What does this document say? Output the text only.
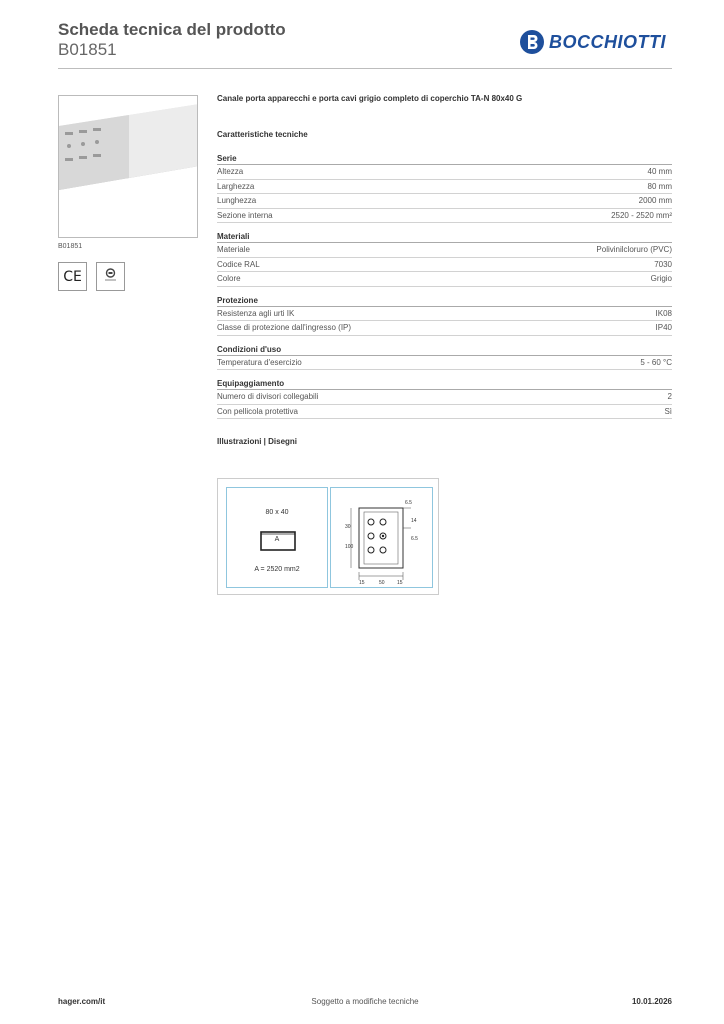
Scheda tecnica del prodotto
B01851	BOCCHIOTTI
B01851
CE
Canale porta apparecchi e porta cavi grigio completo di coperchio TA-N 80x40 G
Caratteristiche tecniche
Serie
Altezza	40 mm
Larghezza	80 mm
Lunghezza	2000 mm
Sezione interna	2520 - 2520 mm²
Materiali
Materiale	Polivinilcloruro (PVC)
Codice RAL	7030
Colore	Grigio
Protezione
Resistenza agli urti IK	IK08
Classe di protezione dall'ingresso (IP)	IP40
Condizioni d'uso
Temperatura d'esercizio	5 - 60 °C
Equipaggiamento
Numero di divisori collegabili	2
Con pellicola protettiva	Sì
Illustrazioni | Disegni
80 x 40
A
A = 2520 mm2
6.5
14
6.5
30
100
15	50 15
hager.com/it	Soggetto a modifiche tecniche	10.01.2026
